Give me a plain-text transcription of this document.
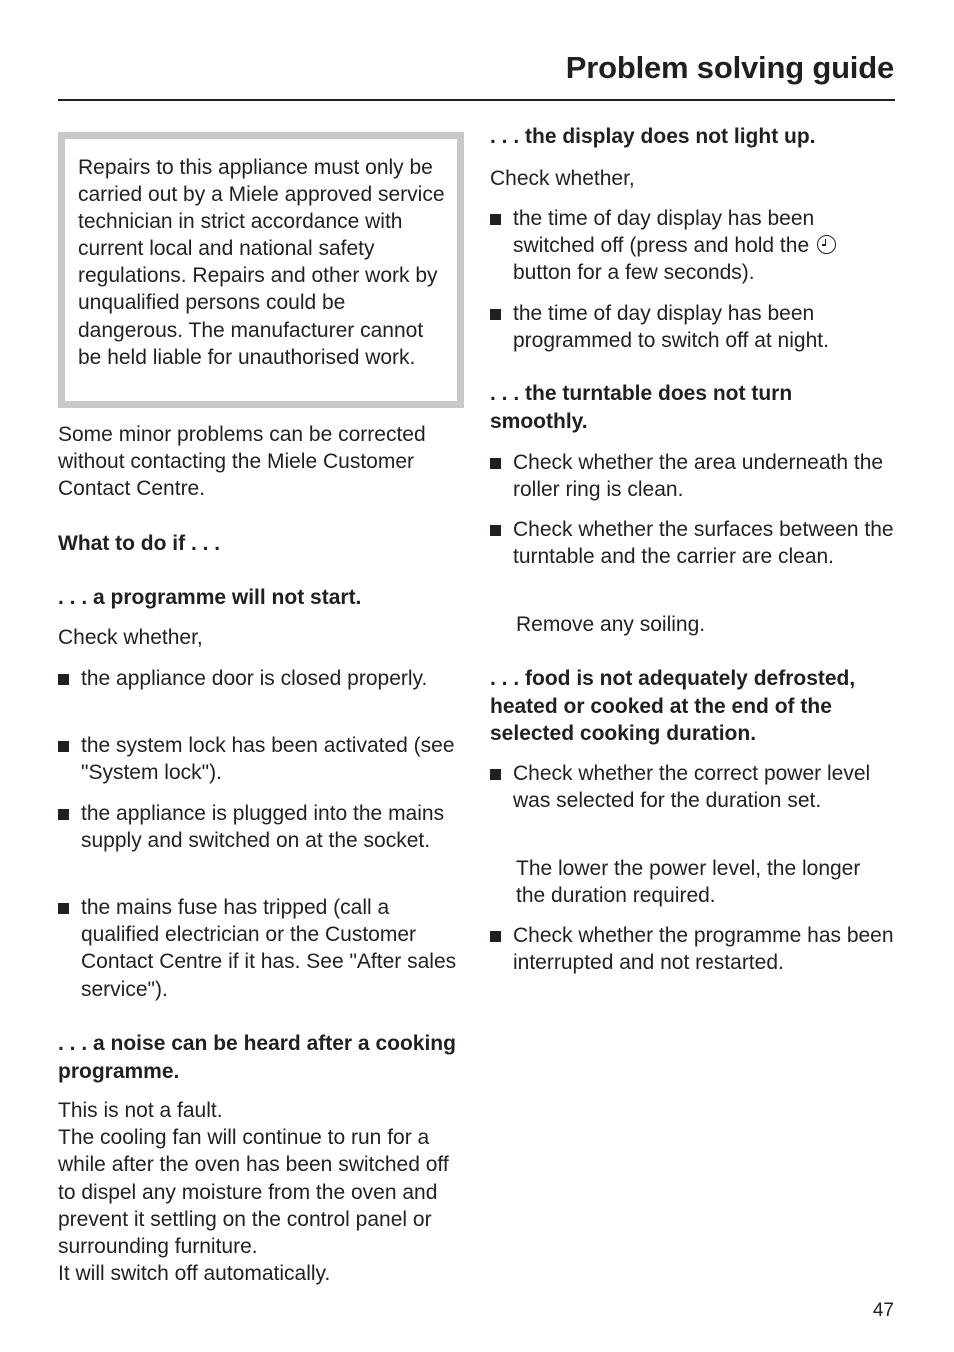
Problem solving guide

Repairs to this appliance must only be carried out by a Miele approved service technician in strict accordance with current local and national safety regulations. Repairs and other work by unqualified persons could be dangerous. The manufacturer cannot be held liable for unauthorised work.

Some minor problems can be corrected without contacting the Miele Customer Contact Centre.

What to do if . . .

. . . a programme will not start.

Check whether,

the appliance door is closed properly.
the system lock has been activated (see "System lock").
the appliance is plugged into the mains supply and switched on at the socket.
the mains fuse has tripped (call a qualified electrician or the Customer Contact Centre if it has. See "After sales service").

. . . a noise can be heard after a cooking programme.

This is not a fault.

The cooling fan will continue to run for a while after the oven has been switched off to dispel any moisture from the oven and prevent it settling on the control panel or surrounding furniture.

It will switch off automatically.

. . . the display does not light up.

Check whether,

the time of day display has been switched off (press and hold the  button for a few seconds).
the time of day display has been programmed to switch off at night.

. . . the turntable does not turn smoothly.

Check whether the area underneath the roller ring is clean.
Check whether the surfaces between the turntable and the carrier are clean.

Remove any soiling.

. . . food is not adequately defrosted, heated or cooked at the end of the selected cooking duration.

Check whether the correct power level was selected for the duration set.

The lower the power level, the longer the duration required.

Check whether the programme has been interrupted and not restarted.
47
